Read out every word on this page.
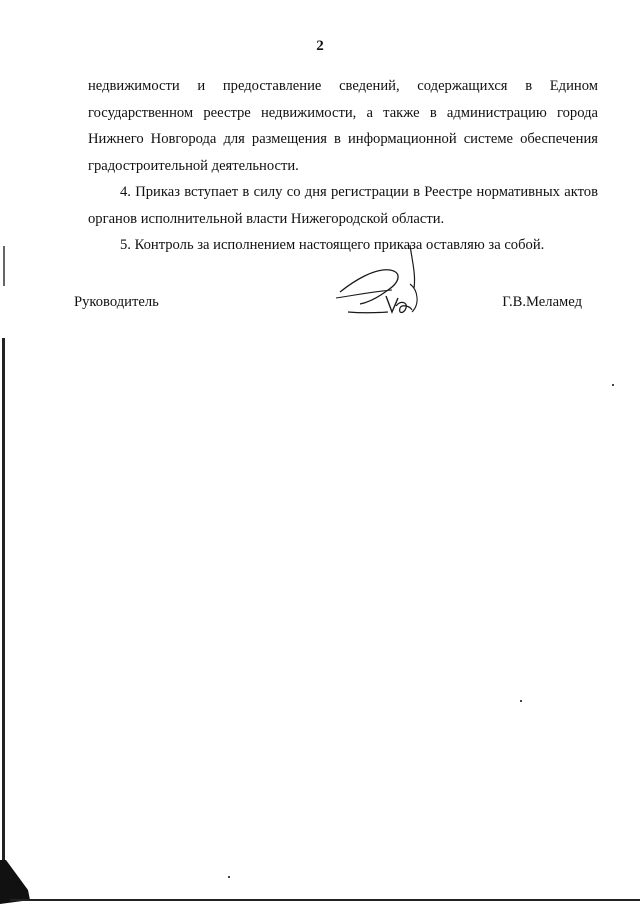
2

недвижимости и предоставление сведений, содержащихся в Едином государственном реестре недвижимости, а также в администрацию города Нижнего Новгорода для размещения в информационной системе обеспечения градостроительной деятельности.

4. Приказ вступает в силу со дня регистрации в Реестре нормативных актов органов исполнительной власти Нижегородской области.

5. Контроль за исполнением настоящего приказа оставляю за собой.

Руководитель	Г.В.Меламед
